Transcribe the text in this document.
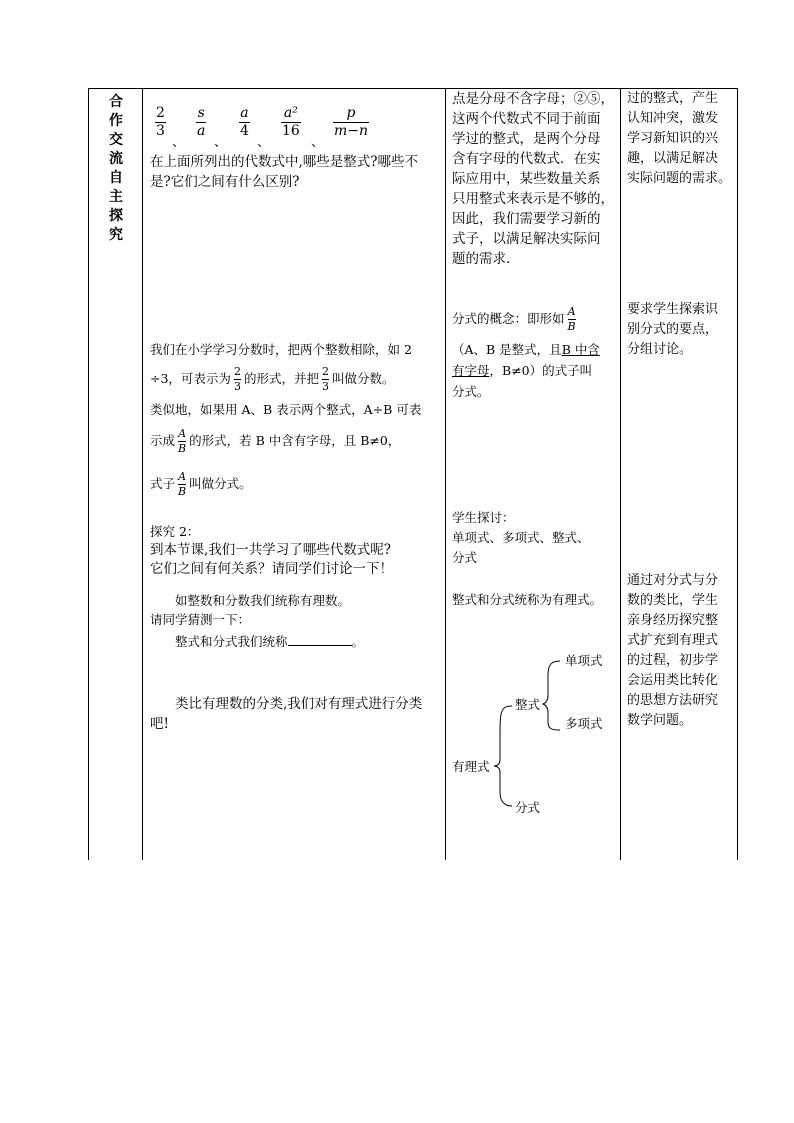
合
作
交
流
自
主
探
究
2
3
、
s
a
、
a
4
、
a²
16
、
p
m−n
在上面所列出的代数式中,哪些是整式?哪些不
是?它们之间有什么区别?
我们在小学学习分数时，把两个整数相除，如 2
÷3，可表示为 $\frac{2}{3}$ 的形式，并把 $\frac{2}{3}$ 叫做分数。
类似地，如果用 A、B 表示两个整式，A÷B 可表
示成 $\frac{A}{B}$ 的形式，若 B 中含有字母，且 B≠0，
式子 $\frac{A}{B}$ 叫做分式。
探究 2：
到本节课,我们一共学习了哪些代数式呢?
它们之间有何关系？请同学们讨论一下！
如整数和分数我们统称有理数。
请同学猜测一下：
整式和分式我们统称	。
类比有理数的分类,我们对有理式进行分类
吧!
点是分母不含字母；②⑤，
这两个代数式不同于前面
学过的整式，是两个分母
含有字母的代数式．在实
际应用中，某些数量关系
只用整式来表示是不够的，
因此，我们需要学习新的
式子，以满足解决实际问
题的需求．
分式的概念：即形如 $\frac{A}{B}$
（A、B 是整式，且B 中含
有字母，B≠0）的式子叫
分式。
学生探讨：
单项式、多项式、整式、
分式
整式和分式统称为有理式。
单项式
整式
多项式
有理式
分式
过的整式，产生
认知冲突，激发
学习新知识的兴
趣，以满足解决
实际问题的需求。
要求学生探索识
别分式的要点，
分组讨论。
通过对分式与分
数的类比，学生
亲身经历探究整
式扩充到有理式
的过程，初步学
会运用类比转化
的思想方法研究
数学问题。
